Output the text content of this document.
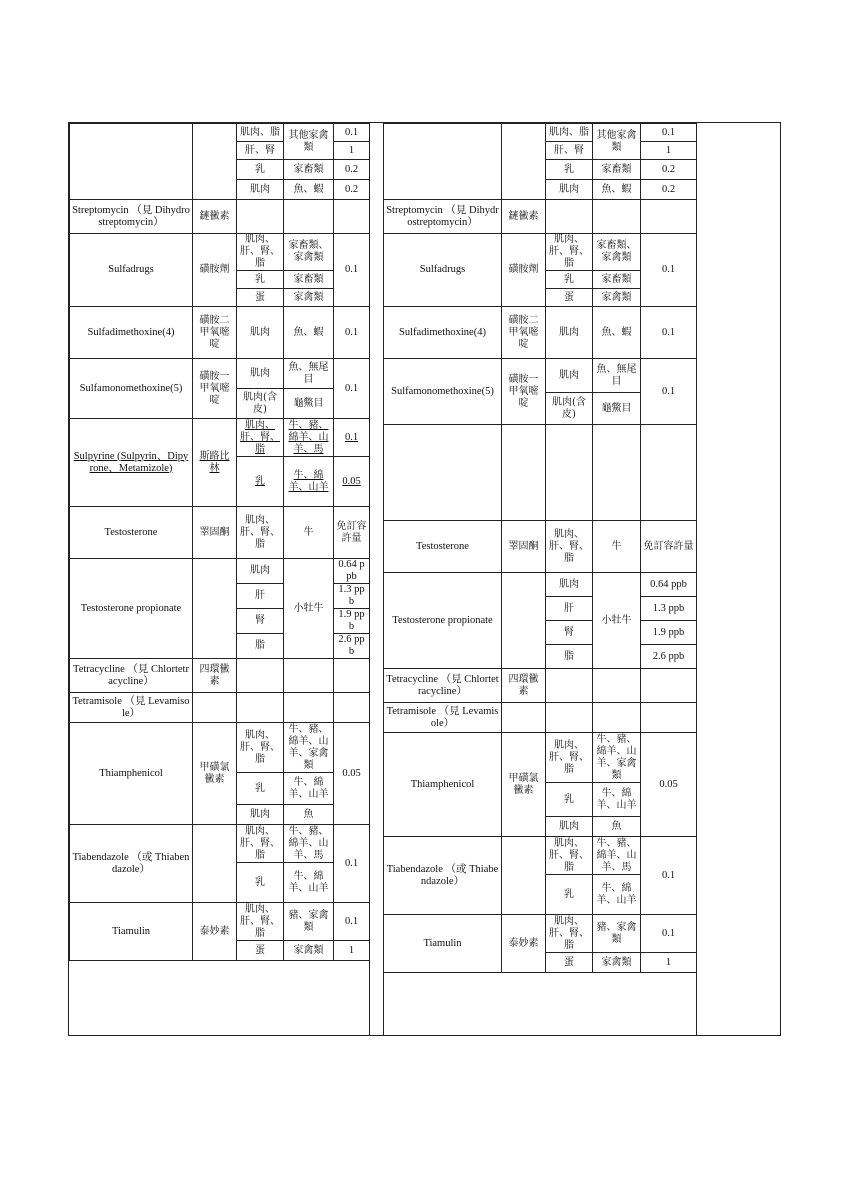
		肌肉、脂	其他家禽類	0.1
		肝、腎		1
		乳	家畜類	0.2
		肌肉	魚、蝦	0.2
Streptomycin （見 Dihydrostreptomycin）	鏈黴素			
Sulfadrugs	磺胺劑	肌肉、肝、腎、脂	家畜類、家禽類	0.1
		乳	家畜類	
		蛋	家禽類	
Sulfadimethoxine(4)	磺胺二甲氧嘧啶	肌肉	魚、蝦	0.1
Sulfamonomethoxine(5)	磺胺一甲氧嘧啶	肌肉	魚、無尾目	0.1
		肌肉(含皮)	龜鱉目	
Sulpyrine (Sulpyrin、Dipyrone、Metamizole)	斯路比林	肌肉、肝、腎、脂	牛、豬、綿羊、山羊、馬	0.1
		乳	牛、綿羊、山羊	0.05
Testosterone	睪固酮	肌肉、肝、腎、脂	牛	免訂容許量
Testosterone propionate		肌肉	小牡牛	0.64 ppb
		肝		1.3 ppb
		腎		1.9 ppb
		脂		2.6 ppb
Tetracycline （見 Chlortetracycline）	四環黴素			
Tetramisole （見 Levamisole）				
Thiamphenicol	甲磺氯黴素	肌肉、肝、腎、脂	牛、豬、綿羊、山羊、家禽類	0.05
		乳	牛、綿羊、山羊	
		肌肉	魚	
Tiabendazole （或 Thiabendazole）		肌肉、肝、腎、脂	牛、豬、綿羊、山羊、馬	0.1
		乳	牛、綿羊、山羊	
Tiamulin	泰妙素	肌肉、肝、腎、脂	豬、家禽類	0.1
		蛋	家禽類	1
		肌肉、脂	其他家禽類	0.1
		肝、腎		1
		乳	家畜類	0.2
		肌肉	魚、蝦	0.2
Streptomycin （見 Dihydrostreptomycin）	鏈黴素			
Sulfadrugs	磺胺劑	肌肉、肝、腎、脂	家畜類、家禽類	0.1
		乳	家畜類	
		蛋	家禽類	
Sulfadimethoxine(4)	磺胺二甲氧嘧啶	肌肉	魚、蝦	0.1
Sulfamonomethoxine(5)	磺胺一甲氧嘧啶	肌肉	魚、無尾目	0.1
		肌肉(含皮)	龜鱉目	

Testosterone	睪固酮	肌肉、肝、腎、脂	牛	免訂容許量
Testosterone propionate		肌肉	小牡牛	0.64 ppb
		肝		1.3 ppb
		腎		1.9 ppb
		脂		2.6 ppb
Tetracycline （見 Chlortetracycline）	四環黴素			
Tetramisole （見 Levamisole）				
Thiamphenicol	甲磺氯黴素	肌肉、肝、腎、脂	牛、豬、綿羊、山羊、家禽類	0.05
		乳	牛、綿羊、山羊	
		肌肉	魚	
Tiabendazole （或 Thiabendazole）		肌肉、肝、腎、脂	牛、豬、綿羊、山羊、馬	0.1
		乳	牛、綿羊、山羊	
Tiamulin	泰妙素	肌肉、肝、腎、脂	豬、家禽類	0.1
		蛋	家禽類	1
